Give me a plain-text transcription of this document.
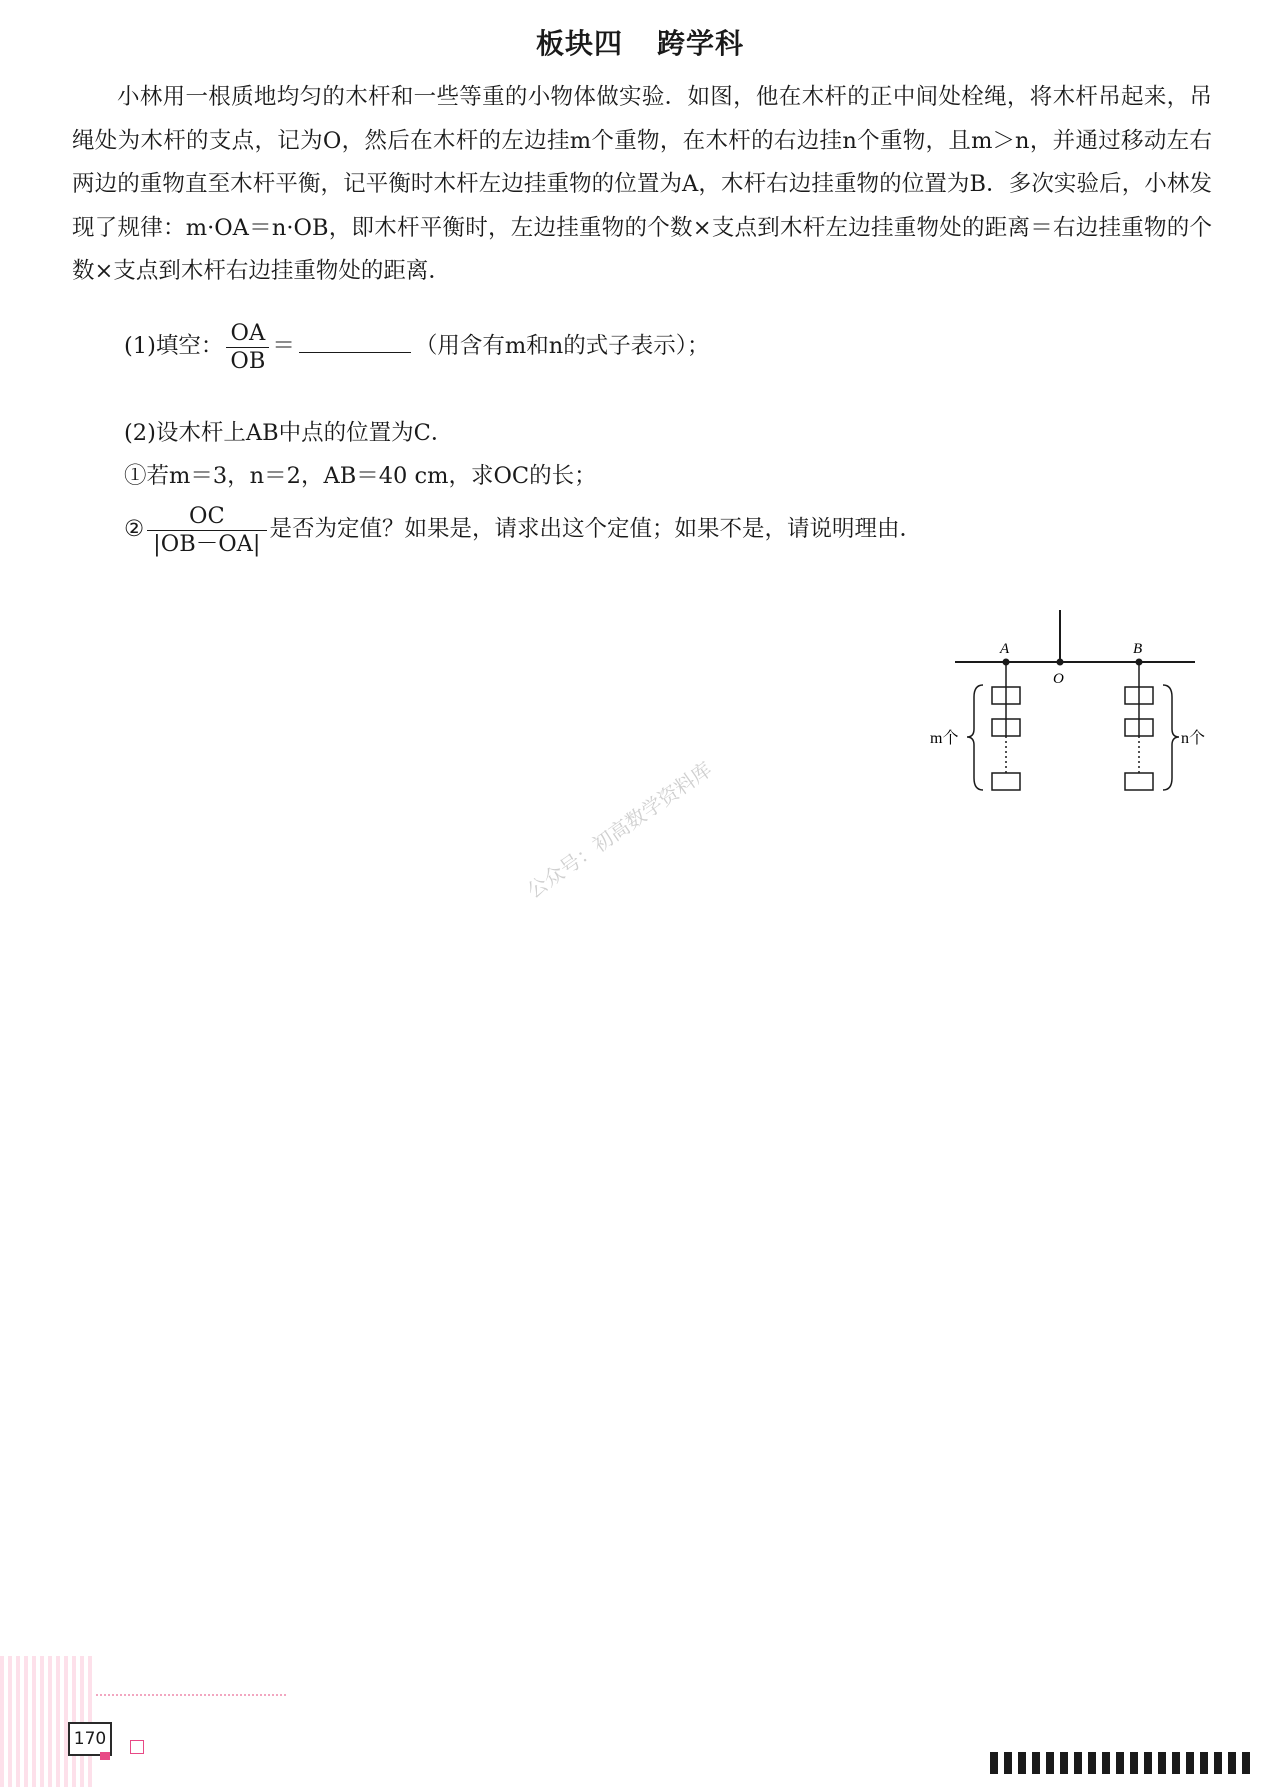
板块四 跨学科

小林用一根质地均匀的木杆和一些等重的小物体做实验．如图，他在木杆的正中间处栓绳，将木杆吊起来，吊绳处为木杆的支点，记为O，然后在木杆的左边挂m个重物，在木杆的右边挂n个重物，且m＞n，并通过移动左右两边的重物直至木杆平衡，记平衡时木杆左边挂重物的位置为A，木杆右边挂重物的位置为B．多次实验后，小林发现了规律：m·OA＝n·OB，即木杆平衡时，左边挂重物的个数×支点到木杆左边挂重物处的距离＝右边挂重物的个数×支点到木杆右边挂重物处的距离．

(1)填空： $\frac{OA}{OB}$ ＝	（用含有m和n的式子表示）；
(2)设木杆上AB中点的位置为C．
①若m＝3，n＝2，AB＝40 cm，求OC的长；
② $\frac{OC}{|OB-OA|}$ 是否为定值？如果是，请求出这个定值；如果不是，请说明理由．
公众号：初高数学资料库
A	B
O
m个	n个
170
